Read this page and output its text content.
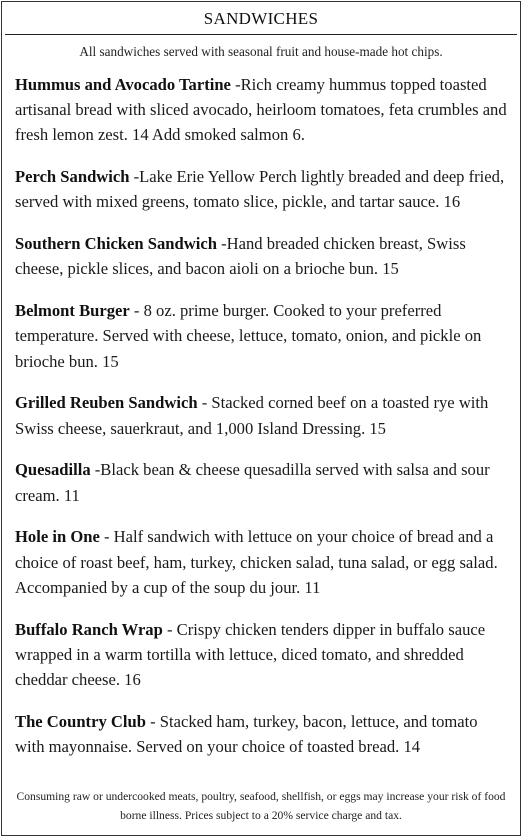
SANDWICHES
All sandwiches served with seasonal fruit and house-made hot chips.

Hummus and Avocado Tartine -Rich creamy hummus topped toasted artisanal bread with sliced avocado, heirloom tomatoes, feta crumbles and fresh lemon zest. 14 Add smoked salmon 6.

Perch Sandwich -Lake Erie Yellow Perch lightly breaded and deep fried, served with mixed greens, tomato slice, pickle, and tartar sauce. 16

Southern Chicken Sandwich -Hand breaded chicken breast, Swiss cheese, pickle slices, and bacon aioli on a brioche bun. 15

Belmont Burger - 8 oz. prime burger. Cooked to your preferred temperature. Served with cheese, lettuce, tomato, onion, and pickle on brioche bun. 15

Grilled Reuben Sandwich - Stacked corned beef on a toasted rye with Swiss cheese, sauerkraut, and 1,000 Island Dressing. 15

Quesadilla -Black bean & cheese quesadilla served with salsa and sour cream. 11

Hole in One - Half sandwich with lettuce on your choice of bread and a choice of roast beef, ham, turkey, chicken salad, tuna salad, or egg salad. Accompanied by a cup of the soup du jour. 11

Buffalo Ranch Wrap - Crispy chicken tenders dipper in buffalo sauce wrapped in a warm tortilla with lettuce, diced tomato, and shredded cheddar cheese. 16

The Country Club - Stacked ham, turkey, bacon, lettuce, and tomato with mayonnaise. Served on your choice of toasted bread. 14

Consuming raw or undercooked meats, poultry, seafood, shellfish, or eggs may increase your risk of food borne illness. Prices subject to a 20% service charge and tax.
